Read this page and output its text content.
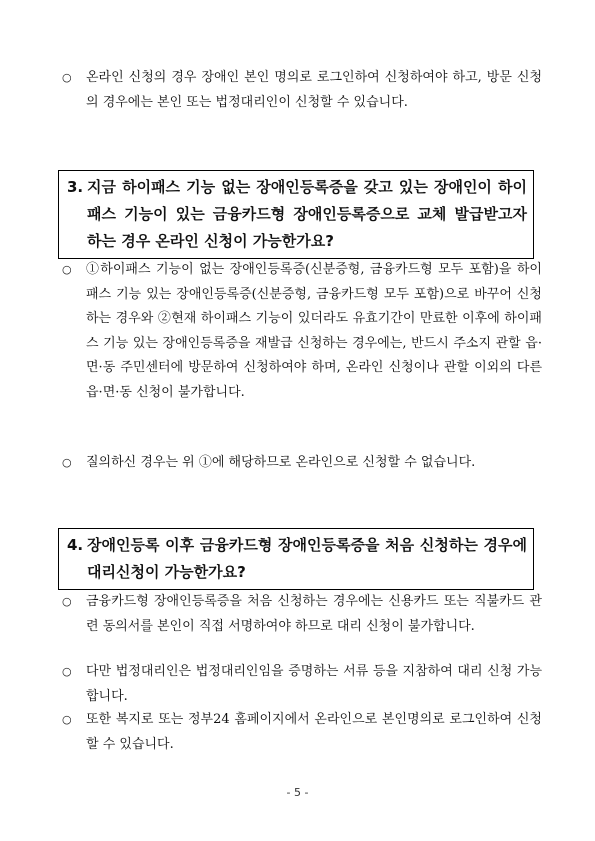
○ 온라인 신청의 경우 장애인 본인 명의로 로그인하여 신청하여야 하고, 방문 신청의 경우에는 본인 또는 법정대리인이 신청할 수 있습니다.
3. 지금 하이패스 기능 없는 장애인등록증을 갖고 있는 장애인이 하이패스 기능이 있는 금융카드형 장애인등록증으로 교체 발급받고자 하는 경우 온라인 신청이 가능한가요?
○ ①하이패스 기능이 없는 장애인등록증(신분증형, 금융카드형 모두 포함)을 하이패스 기능 있는 장애인등록증(신분증형, 금융카드형 모두 포함)으로 바꾸어 신청하는 경우와 ②현재 하이패스 기능이 있더라도 유효기간이 만료한 이후에 하이패스 기능 있는 장애인등록증을 재발급 신청하는 경우에는, 반드시 주소지 관할 읍·면·동 주민센터에 방문하여 신청하여야 하며, 온라인 신청이나 관할 이외의 다른 읍·면·동 신청이 불가합니다.
○ 질의하신 경우는 위 ①에 해당하므로 온라인으로 신청할 수 없습니다.
4. 장애인등록 이후 금융카드형 장애인등록증을 처음 신청하는 경우에 대리신청이 가능한가요?
○ 금융카드형 장애인등록증을 처음 신청하는 경우에는 신용카드 또는 직불카드 관련 동의서를 본인이 직접 서명하여야 하므로 대리 신청이 불가합니다.
○ 다만 법정대리인은 법정대리인임을 증명하는 서류 등을 지참하여 대리 신청 가능합니다.
○ 또한 복지로 또는 정부24 홈페이지에서 온라인으로 본인명의로 로그인하여 신청할 수 있습니다.
- 5 -
